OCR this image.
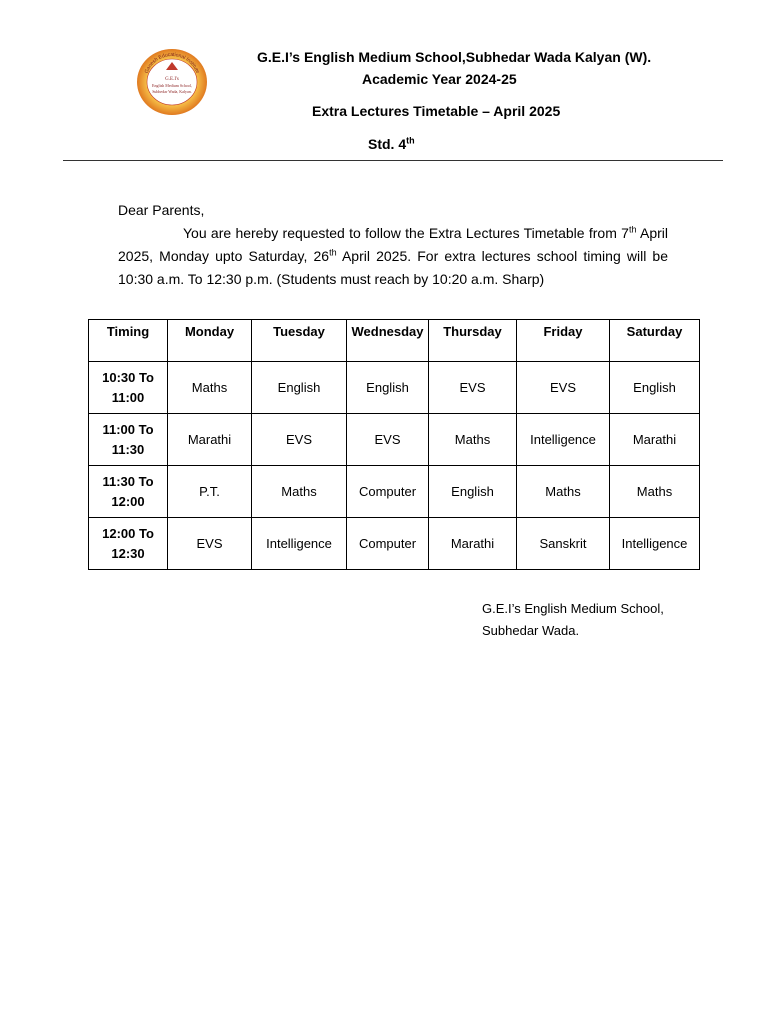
Ganesh Educational Institute
G.E.I's
English Medium School,
Subhedar Wada, Kalyan.
G.E.I’s English Medium School,Subhedar Wada Kalyan (W).
Academic Year 2024-25
Extra Lectures Timetable – April 2025
Std. 4th

Dear Parents,

You are hereby requested to follow the Extra Lectures Timetable from 7th April 2025, Monday upto Saturday, 26th April 2025. For extra lectures school timing will be 10:30 a.m. To 12:30 p.m. (Students must reach by 10:20 a.m. Sharp)

Timing	Monday	Tuesday	Wednesday	Thursday	Friday	Saturday
10:30 To
11:00	Maths	English	English	EVS	EVS	English
11:00 To
11:30	Marathi	EVS	EVS	Maths	Intelligence	Marathi
11:30 To
12:00	P.T.	Maths	Computer	English	Maths	Maths
12:00 To
12:30	EVS	Intelligence	Computer	Marathi	Sanskrit	Intelligence
G.E.I’s English Medium School,
Subhedar Wada.
